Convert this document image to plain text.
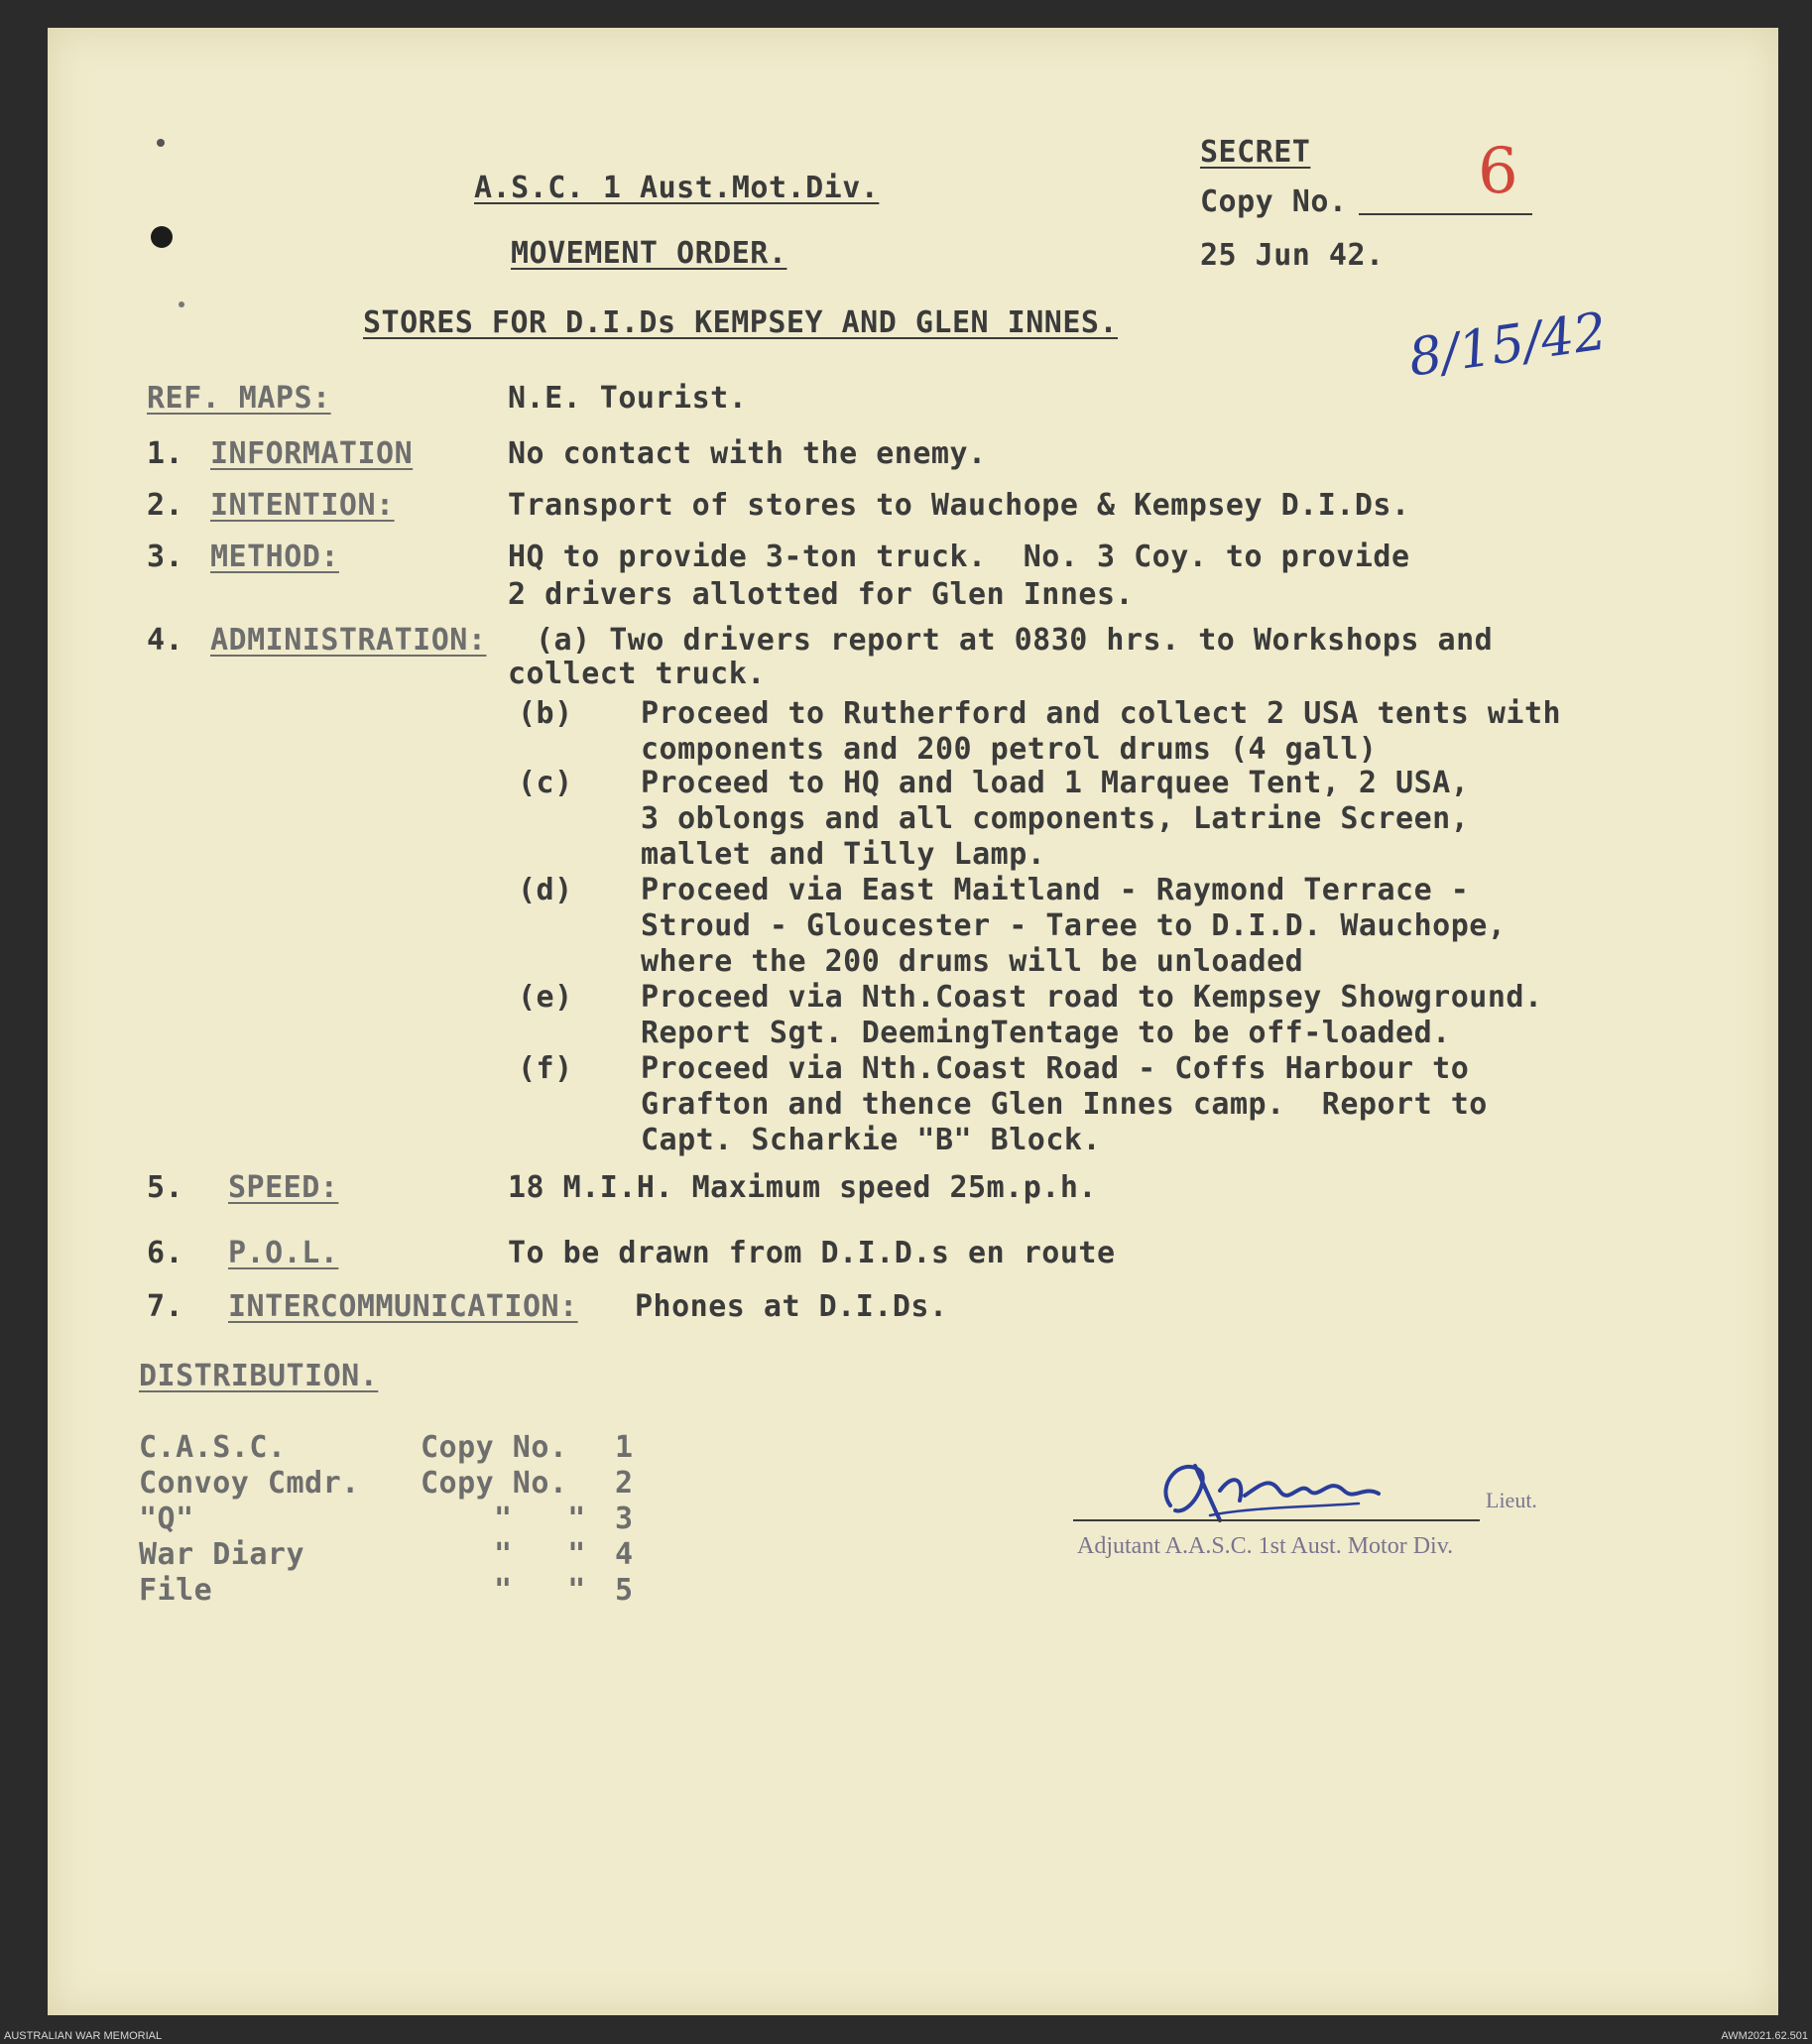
A.S.C. 1 Aust.Mot.Div.
MOVEMENT ORDER.
SECRET
Copy No.
25 Jun 42.
6
STORES FOR D.I.Ds KEMPSEY AND GLEN INNES.	8/15/42
REF. MAPS:	N.E. Tourist.
1. INFORMATION	No contact with the enemy.
2. INTENTION:	Transport of stores to Wauchope & Kempsey D.I.Ds.
3. METHOD:	HQ to provide 3-ton truck.  No. 3 Coy. to provide
2 drivers allotted for Glen Innes.
4. ADMINISTRATION: (a) Two drivers report at 0830 hrs. to Workshops and
collect truck.
(b) Proceed to Rutherford and collect 2 USA tents with
components and 200 petrol drums (4 gall)
(c) Proceed to HQ and load 1 Marquee Tent, 2 USA,
3 oblongs and all components, Latrine Screen,
mallet and Tilly Lamp.
(d) Proceed via East Maitland - Raymond Terrace -
Stroud - Gloucester - Taree to D.I.D. Wauchope,
where the 200 drums will be unloaded
(e) Proceed via Nth.Coast road to Kempsey Showground.
Report Sgt. DeemingTentage to be off-loaded.
(f) Proceed via Nth.Coast Road - Coffs Harbour to
Grafton and thence Glen Innes camp.  Report to
Capt. Scharkie "B" Block.
5. SPEED:	18 M.I.H. Maximum speed 25m.p.h.
6. P.O.L.	To be drawn from D.I.D.s en route
7. INTERCOMMUNICATION: Phones at D.I.Ds.
DISTRIBUTION.
C.A.S.C.	Copy No. 1
Convoy Cmdr. Copy No. 2
"Q"	"   " 3
War Diary	"   " 4
File	"   " 5
Lieut.
Adjutant A.A.S.C. 1st Aust. Motor Div.
AUSTRALIAN WAR MEMORIAL	AWM2021.62.501
